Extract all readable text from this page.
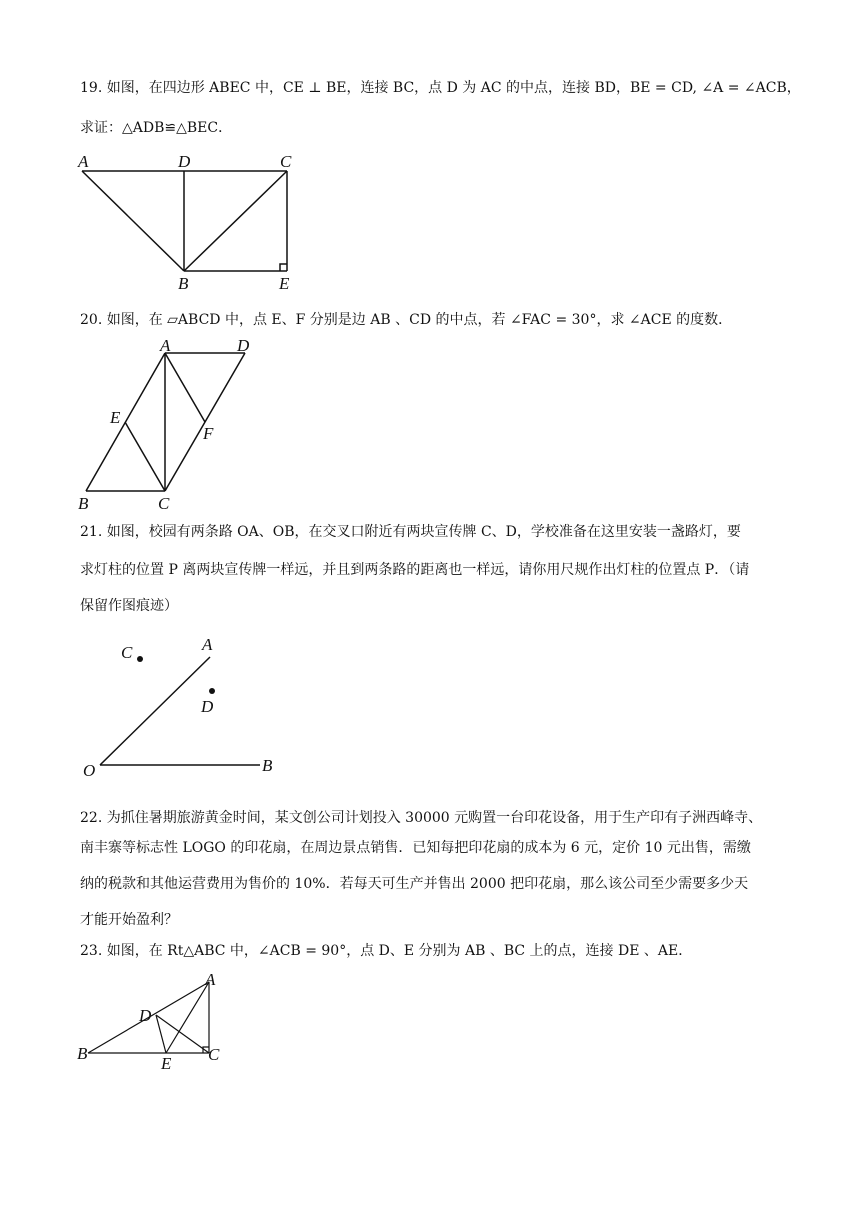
19. 如图，在四边形 ABEC 中，CE ⊥ BE，连接 BC，点 D 为 AC 的中点，连接 BD，BE = CD, ∠A = ∠ACB，
求证：△ADB≌△BEC．
A	D	C
B	E
20. 如图，在 ▱ABCD 中，点 E、F 分别是边 AB 、CD 的中点，若 ∠FAC = 30°，求 ∠ACE 的度数．
A	D
E
F
B	C
21. 如图，校园有两条路 OA、OB，在交叉口附近有两块宣传牌 C、D，学校准备在这里安装一盏路灯，要
求灯柱的位置 P 离两块宣传牌一样远，并且到两条路的距离也一样远，请你用尺规作出灯柱的位置点 P．（请
保留作图痕迹）
C	A
D
O	B
22. 为抓住暑期旅游黄金时间，某文创公司计划投入 30000 元购置一台印花设备，用于生产印有子洲西峰寺、
南丰寨等标志性 LOGO 的印花扇，在周边景点销售．已知每把印花扇的成本为 6 元，定价 10 元出售，需缴
纳的税款和其他运营费用为售价的 10%．若每天可生产并售出 2000 把印花扇，那么该公司至少需要多少天
才能开始盈利？
23. 如图，在 Rt△ABC 中，∠ACB = 90°，点 D、E 分别为 AB 、BC 上的点，连接 DE 、AE．
A
D
B
E C
